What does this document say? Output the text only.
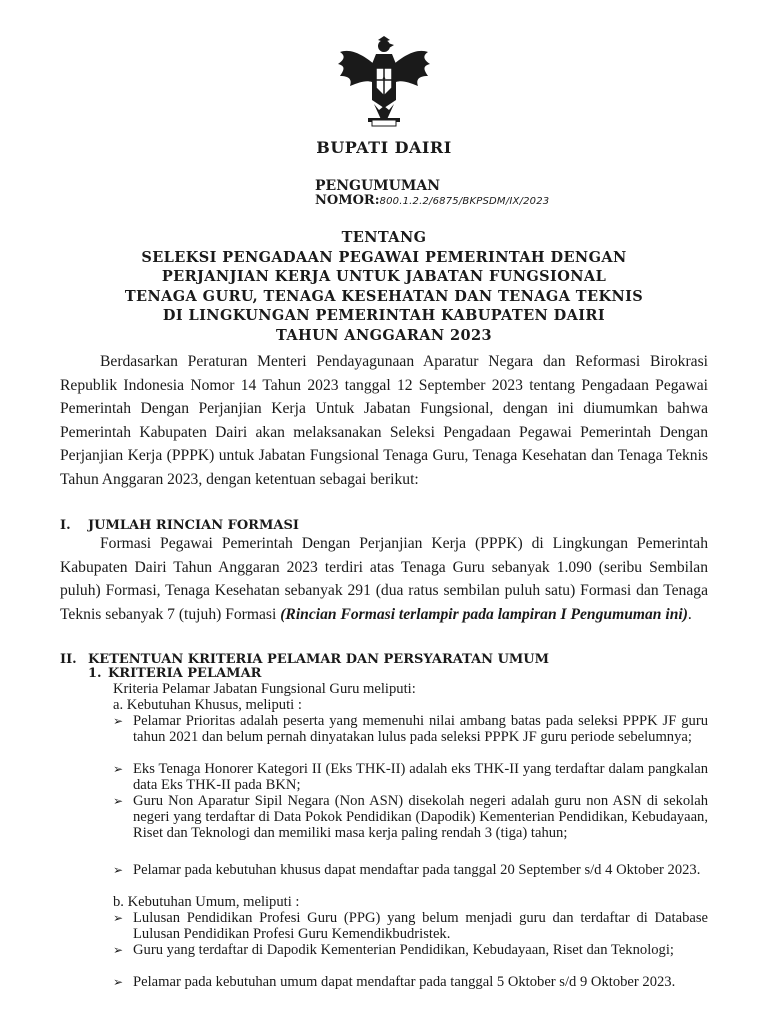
BUPATI DAIRI
PENGUMUMAN
NOMOR:800.1.2.2/6875/BKPSDM/IX/2023
TENTANG
SELEKSI PENGADAAN PEGAWAI PEMERINTAH DENGAN
PERJANJIAN KERJA UNTUK JABATAN FUNGSIONAL
TENAGA GURU, TENAGA KESEHATAN DAN TENAGA TEKNIS
DI LINGKUNGAN PEMERINTAH KABUPATEN DAIRI
TAHUN ANGGARAN 2023

Berdasarkan Peraturan Menteri Pendayagunaan Aparatur Negara dan Reformasi Birokrasi Republik Indonesia Nomor 14 Tahun 2023 tanggal 12 September 2023 tentang Pengadaan Pegawai Pemerintah Dengan Perjanjian Kerja Untuk Jabatan Fungsional, dengan ini diumumkan bahwa Pemerintah Kabupaten Dairi akan melaksanakan Seleksi Pengadaan Pegawai Pemerintah Dengan Perjanjian Kerja (PPPK) untuk Jabatan Fungsional Tenaga Guru, Tenaga Kesehatan dan Tenaga Teknis Tahun Anggaran 2023, dengan ketentuan sebagai berikut:

I. JUMLAH RINCIAN FORMASI

Formasi Pegawai Pemerintah Dengan Perjanjian Kerja (PPPK) di Lingkungan Pemerintah Kabupaten Dairi Tahun Anggaran 2023 terdiri atas Tenaga Guru sebanyak 1.090 (seribu Sembilan puluh) Formasi, Tenaga Kesehatan sebanyak 291 (dua ratus sembilan puluh satu) Formasi dan Tenaga Teknis sebanyak 7 (tujuh) Formasi (Rincian Formasi terlampir pada lampiran I Pengumuman ini).

II. KETENTUAN KRITERIA PELAMAR DAN PERSYARATAN UMUM
1. KRITERIA PELAMAR
Kriteria Pelamar Jabatan Fungsional Guru meliputi:
a. Kebutuhan Khusus, meliputi :
➢ Pelamar Prioritas adalah peserta yang memenuhi nilai ambang batas pada seleksi PPPK JF guru tahun 2021 dan belum pernah dinyatakan lulus pada seleksi PPPK JF guru periode sebelumnya;
➢ Eks Tenaga Honorer Kategori II (Eks THK-II) adalah eks THK-II yang terdaftar dalam pangkalan data Eks THK-II pada BKN;
➢ Guru Non Aparatur Sipil Negara (Non ASN) disekolah negeri adalah guru non ASN di sekolah negeri yang terdaftar di Data Pokok Pendidikan (Dapodik) Kementerian Pendidikan, Kebudayaan, Riset dan Teknologi dan memiliki masa kerja paling rendah 3 (tiga) tahun;
➢ Pelamar pada kebutuhan khusus dapat mendaftar pada tanggal 20 September s/d 4 Oktober 2023.
b. Kebutuhan Umum, meliputi :
➢ Lulusan Pendidikan Profesi Guru (PPG) yang belum menjadi guru dan terdaftar di Database Lulusan Pendidikan Profesi Guru Kemendikbudristek.
➢ Guru yang terdaftar di Dapodik Kementerian Pendidikan, Kebudayaan, Riset dan Teknologi;
➢ Pelamar pada kebutuhan umum dapat mendaftar pada tanggal 5 Oktober s/d 9 Oktober 2023.
